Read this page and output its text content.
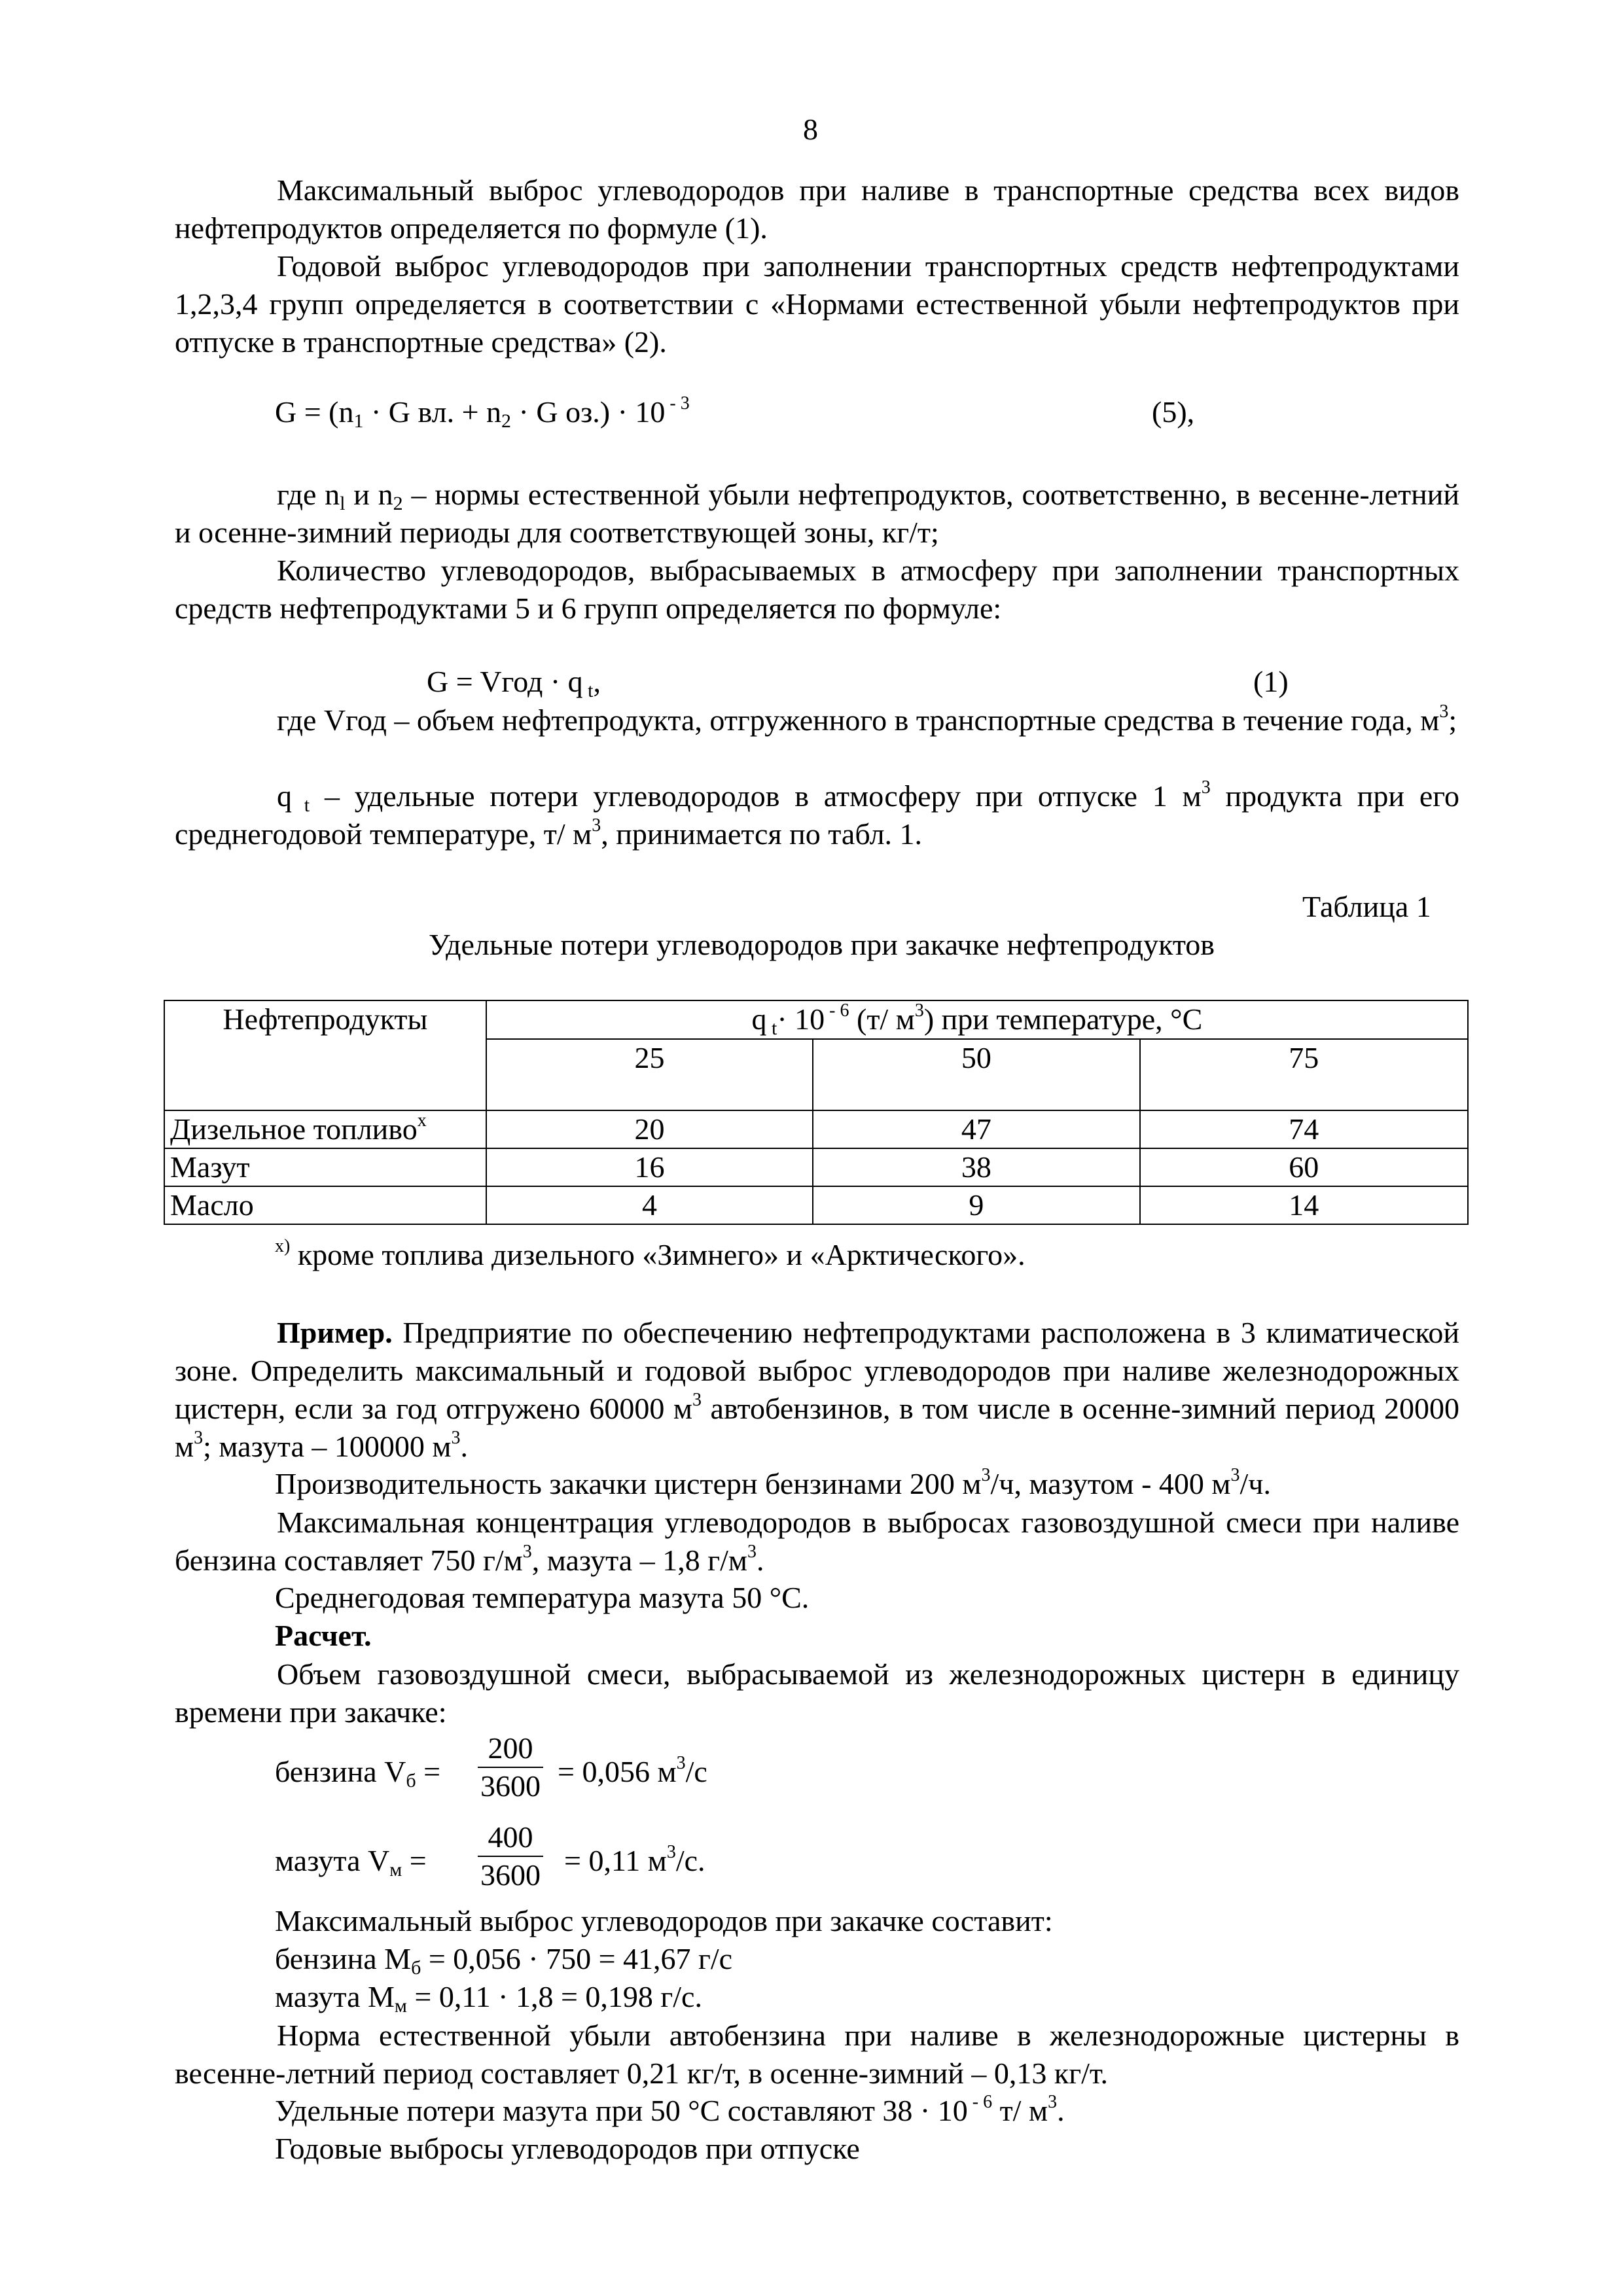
8
Максимальный выброс углеводородов при наливе в транспортные средства всех видов нефтепродуктов определяется по формуле (1).
Годовой выброс углеводородов при заполнении транспортных средств нефтепродуктами 1,2,3,4 групп определяется в соответствии с «Нормами естественной убыли нефтепродуктов при отпуске в транспортные средства» (2).
$G = (n_1 \cdot G$ вл. + $n_2 \cdot G$ оз.) · 10 $^{- 3}$	(5),
где $n_l$ и $n_2$ – нормы естественной убыли нефтепродуктов, соответственно, в весенне-летний и осенне-зимний периоды для соответствующей зоны, кг/т;
Количество углеводородов, выбрасываемых в атмосферу при заполнении транспортных средств нефтепродуктами 5 и 6 групп определяется по формуле:
G = Vгод · q $_t$,	(1)
где Vгод – объем нефтепродукта, отгруженного в транспортные средства в течение года, $м^3$;
q $_t$ – удельные потери углеводородов в атмосферу при отпуске 1 $м^3$ продукта при его среднегодовой температуре, т/ $м^3$, принимается по табл. 1.
Таблица 1
Удельные потери углеводородов при закачке нефтепродуктов
Нефтепродукты	q $_t$· 10 $^{- 6}$ (т/ $м^3$) при температуре, °С		
	25	50	75
Дизельное топливо$^х$	20	47	74
Мазут	16	38	60
Масло	4	9	14
$^{х)}$ кроме топлива дизельного «Зимнего» и «Арктического».
Пример. Предприятие по обеспечению нефтепродуктами расположена в 3 климатической зоне. Определить максимальный и годовой выброс углеводородов при наливе железнодорожных цистерн, если за год отгружено 60000 $м^3$ автобензинов, в том числе в осенне-зимний период 20000 $м^3$; мазута – 100000 $м^3$.
Производительность закачки цистерн бензинами 200 $м^3/ч$, мазутом - 400 $м^3/ч$.
Максимальная концентрация углеводородов в выбросах газовоздушной смеси при наливе бензина составляет 750 $г/м^3$, мазута – 1,8 $г/м^3$.
Среднегодовая температура мазута 50 °С.
Расчет.
Объем газовоздушной смеси, выбрасываемой из железнодорожных цистерн в единицу времени при закачке:
бензина $V_б = \frac{200}{3600} = 0,056$ $м^3/с$
мазута $V_м = \frac{400}{3600} = 0,11$ $м^3/с$.
Максимальный выброс углеводородов при закачке составит:
бензина $М_б = 0,056 \cdot 750 = 41,67$ г/с
мазута $М_м = 0,11 \cdot 1,8 = 0,198$ г/с.
Норма естественной убыли автобензина при наливе в железнодорожные цистерны в весенне-летний период составляет 0,21 кг/т, в осенне-зимний – 0,13 кг/т.
Удельные потери мазута при 50 °С составляют 38 · 10 $^{- 6}$ т/ $м^3$.
Годовые выбросы углеводородов при отпуске
